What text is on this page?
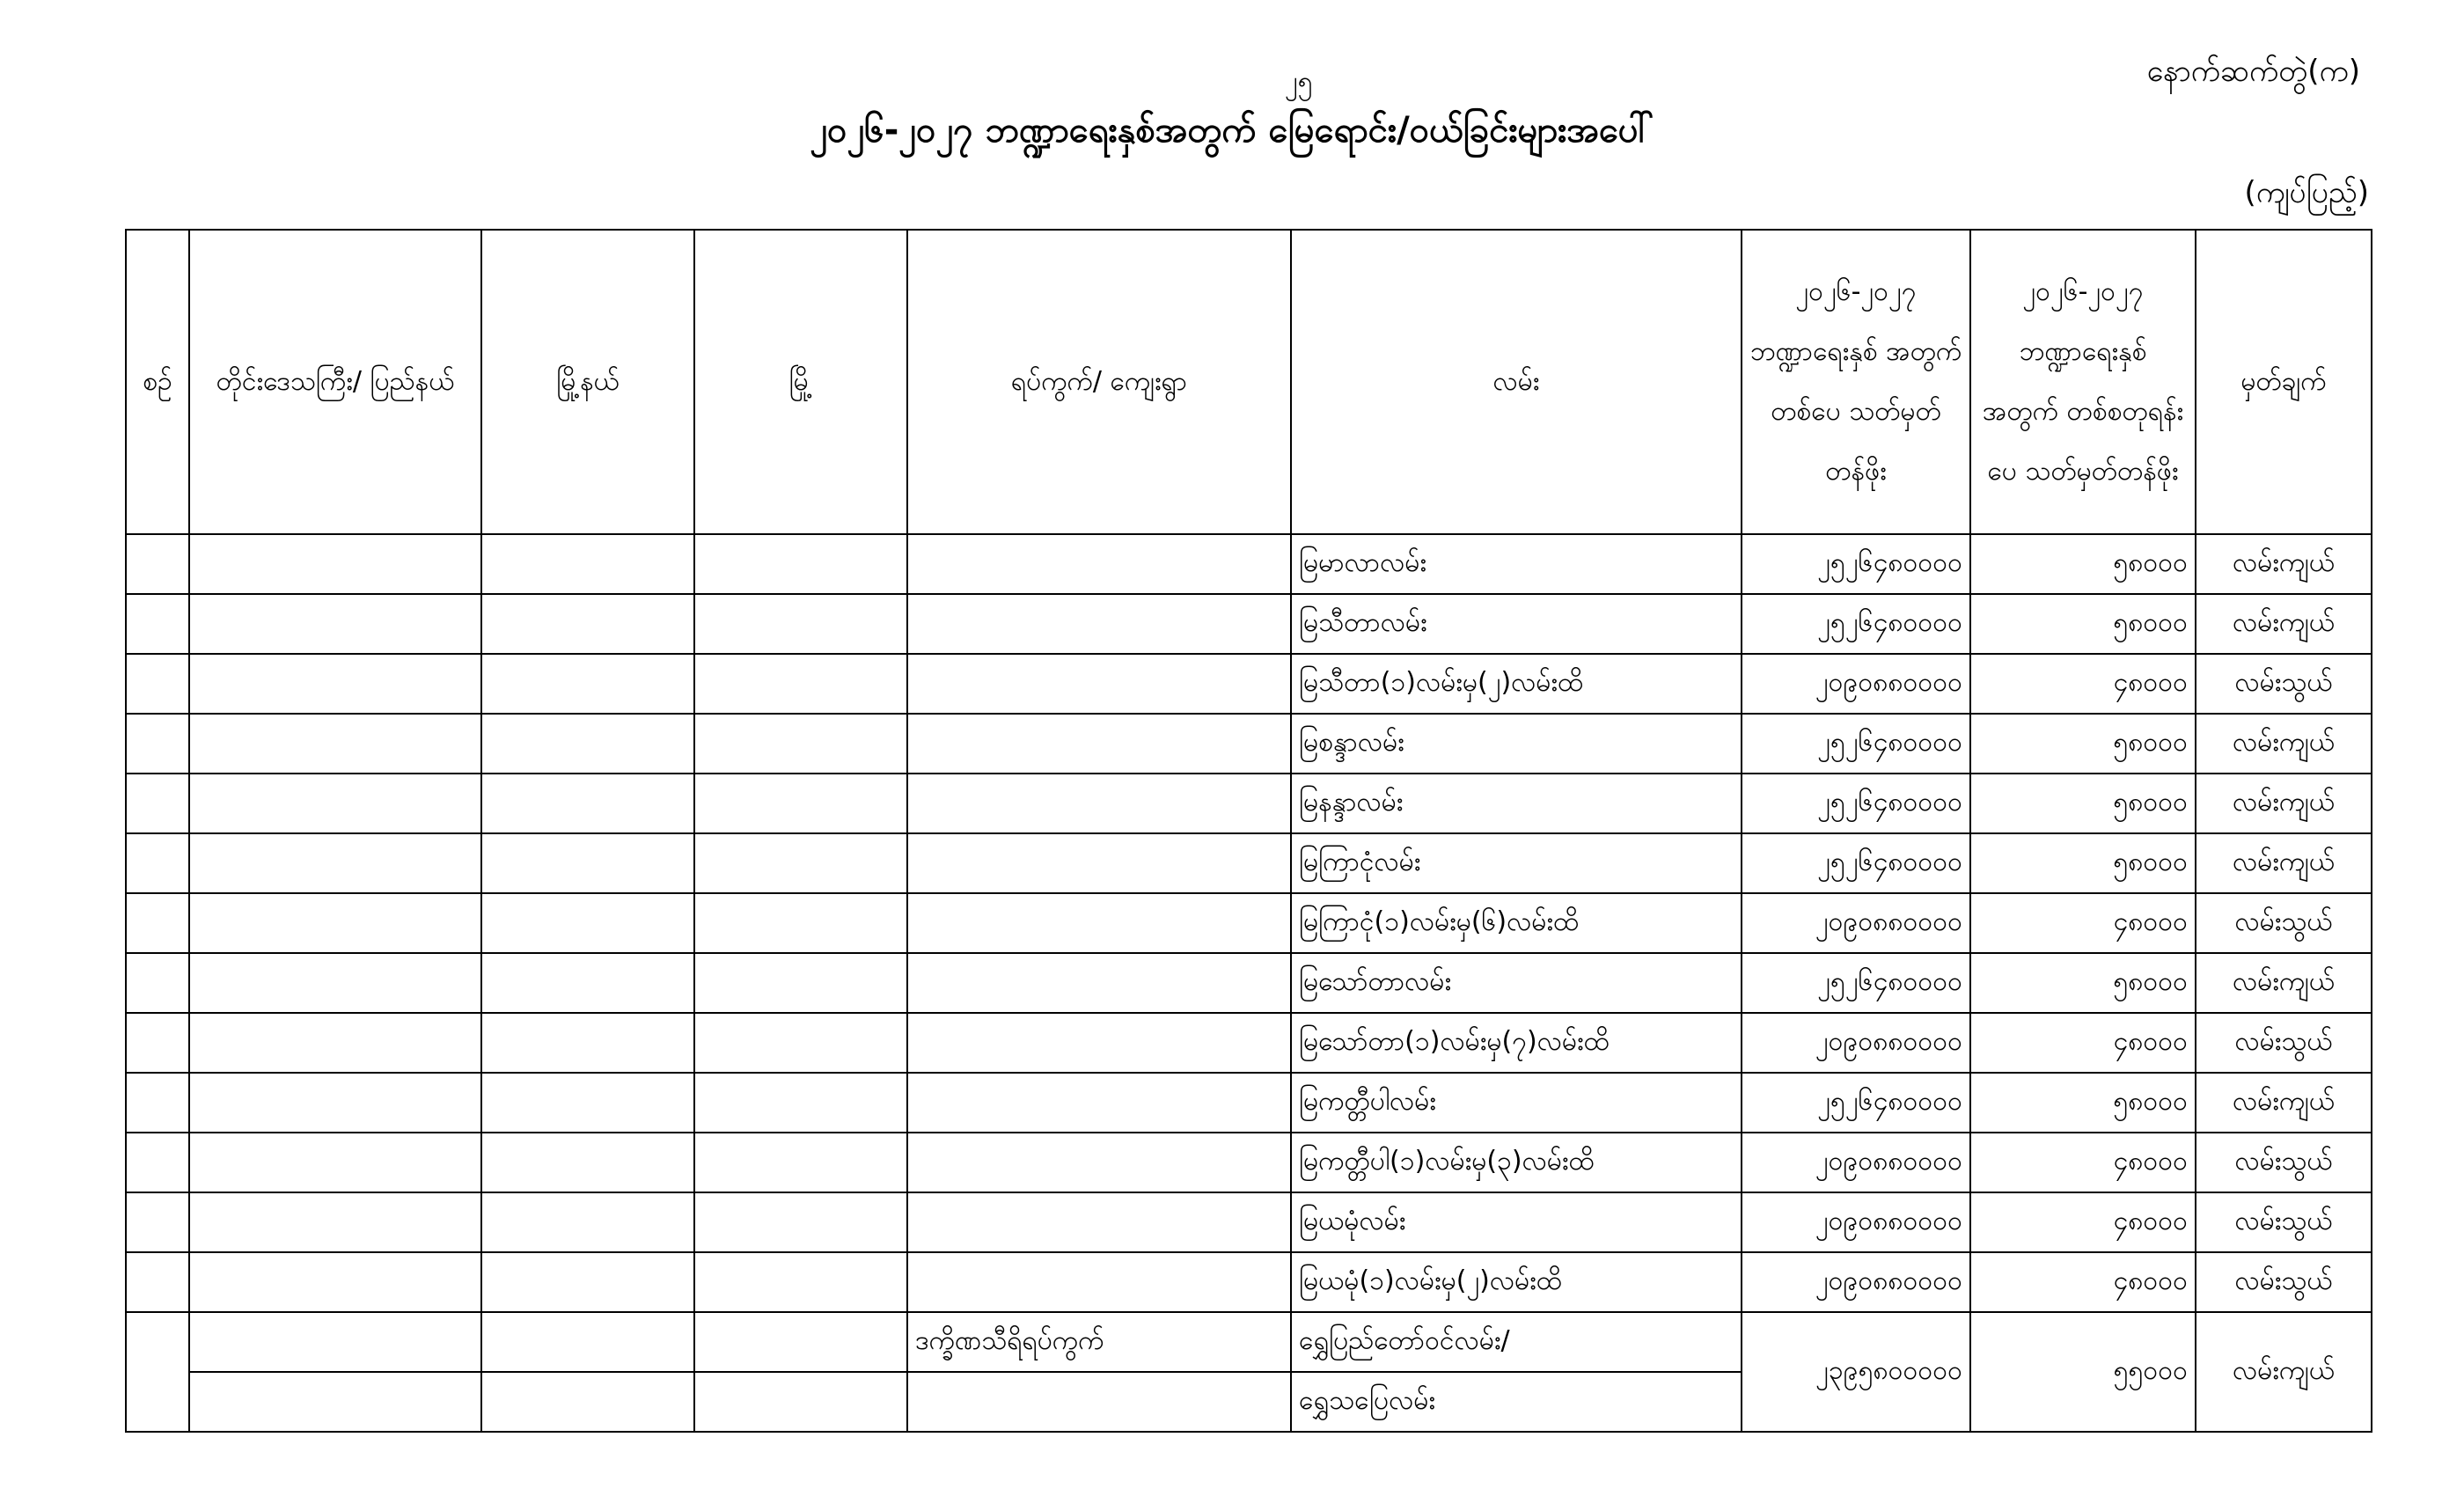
၂၅	နောက်ဆက်တွဲ(က)
၂၀၂၆-၂၀၂၇ ဘဏ္ဍာရေးနှစ်အတွက် မြေရောင်း/ဝယ်ခြင်းများအပေါ်
(ကျပ်ပြည့်)
စဉ်	တိုင်းဒေသကြီး/ ပြည်နယ်	မြို့နယ်	မြို့	ရပ်ကွက်/ ကျေးရွာ	လမ်း	၂၀၂၆-၂၀၂၇ ဘဏ္ဍာရေးနှစ် အတွက် တစ်ပေ သတ်မှတ်တန်ဖိုး	၂၀၂၆-၂၀၂၇ ဘဏ္ဍာရေးနှစ် အတွက် တစ်စတုရန်းပေ သတ်မှတ်တန်ဖိုး	မှတ်ချက်
					မြမာလာလမ်း	၂၅၂၆၄၈၀၀၀၀	၅၈၀၀၀	လမ်းကျယ်
					မြသီတာလမ်း	၂၅၂၆၄၈၀၀၀၀	၅၈၀၀၀	လမ်းကျယ်
					မြသီတာ(၁)လမ်းမှ(၂)လမ်းထိ	၂၀၉၀၈၈၀၀၀၀	၄၈၀၀၀	လမ်းသွယ်
					မြစန္ဒာလမ်း	၂၅၂၆၄၈၀၀၀၀	၅၈၀၀၀	လမ်းကျယ်
					မြနန္ဒာလမ်း	၂၅၂၆၄၈၀၀၀၀	၅၈၀၀၀	လမ်းကျယ်
					မြကြာငုံလမ်း	၂၅၂၆၄၈၀၀၀၀	၅၈၀၀၀	လမ်းကျယ်
					မြကြာငုံ(၁)လမ်းမှ(၆)လမ်းထိ	၂၀၉၀၈၈၀၀၀၀	၄၈၀၀၀	လမ်းသွယ်
					မြသော်တာလမ်း	၂၅၂၆၄၈၀၀၀၀	၅၈၀၀၀	လမ်းကျယ်
					မြသော်တာ(၁)လမ်းမှ(၇)လမ်းထိ	၂၀၉၀၈၈၀၀၀၀	၄၈၀၀၀	လမ်းသွယ်
					မြကတ္တီပါလမ်း	၂၅၂၆၄၈၀၀၀၀	၅၈၀၀၀	လမ်းကျယ်
					မြကတ္တီပါ(၁)လမ်းမှ(၃)လမ်းထိ	၂၀၉၀၈၈၀၀၀၀	၄၈၀၀၀	လမ်းသွယ်
					မြယမုံလမ်း	၂၀၉၀၈၈၀၀၀၀	၄၈၀၀၀	လမ်းသွယ်
					မြယမုံ(၁)လမ်းမှ(၂)လမ်းထိ	၂၀၉၀၈၈၀၀၀၀	၄၈၀၀၀	လမ်းသွယ်
				ဒက္ခိဏသီရိရပ်ကွက်	ရွှေပြည်တော်ဝင်လမ်း/	၂၃၉၅၈၀၀၀၀၀	၅၅၀၀၀	လမ်းကျယ်
					ရွှေသပြေလမ်း			
